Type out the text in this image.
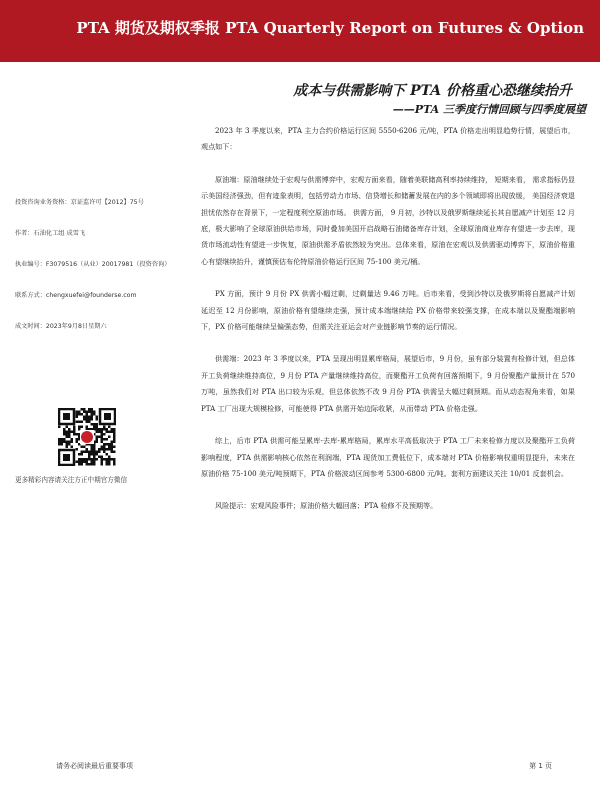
PTA 期货及期权季报 PTA Quarterly Report on Futures & Option
成本与供需影响下 PTA 价格重心恐继续抬升
——PTA 三季度行情回顾与四季度展望
投资咨询业务资格：京证监许可【2012】75号
作者：石油化工组 成雪飞
执业编号：F3079516（从业）20017981（投资咨询）
联系方式：chengxuefei@founderse.com
成文时间：2023年9月8日星期六
更多精彩内容请关注方正中期官方微信

2023 年 3 季度以来，PTA 主力合约价格运行区间 5550-6206 元/吨，PTA 价格走出明显趋势行情，展望后市，观点如下：

原油端：原油继续处于宏观与供需博弈中，宏观方面来看，随着美联储高利率持续维持， 短期来看， 需求指标仍显示美国经济强劲，但有迹象表明，包括劳动力市场、信贷增长和储蓄发展在内的多个领域即将出现放缓， 美国经济衰退担忧依然存在背景下，一定程度利空原油市场。 供需方面， 9 月初，沙特以及俄罗斯继续延长其自愿减产计划至 12 月底，极大影响了全球原油供给市场，同时叠加美国开启战略石油储备库存计划，全球原油商业库存有望进一步去库，现货市场流动性有望进一步恢复，原油供需矛盾依然较为突出。总体来看，原油在宏观以及供需驱动博弈下，原油价格重心有望继续抬升，谨慎预估布伦特原油价格运行区间 75-100 美元/桶。

PX 方面，预计 9 月份 PX 供需小幅过剩，过剩量达 9.46 万吨。后市来看，受到沙特以及俄罗斯将自愿减产计划延迟至 12 月份影响，原油价格有望继续走强，预计成本端继续给 PX 价格带来较强支撑，在成本端以及聚酯端影响下，PX 价格可能继续呈偏强态势，但需关注亚运会对产业链影响节奏的运行情况。

供需端：2023 年 3 季度以来，PTA 呈现出明显累库格局，展望后市，9 月份，虽有部分装置有检修计划，但总体开工负荷继续维持高位，9 月份 PTA 产量继续维持高位，而聚酯开工负荷有回落预期下，9 月份聚酯产量预计在 570 万吨，虽然我们对 PTA 出口较为乐观，但总体依然不改 9 月份 PTA 供需呈大幅过剩预期。而从动态视角来看，如果 PTA 工厂出现大规模检修，可能使得 PTA 供需开始边际收紧，从而带动 PTA 价格走强。

综上，后市 PTA 供需可能呈累库-去库-累库格局，累库水平高低取决于 PTA 工厂未来检修力度以及聚酯开工负荷影响程度，PTA 供需影响核心依然在利润端，PTA 现货加工费低位下，成本端对 PTA 价格影响权重明显提升，未来在原油价格 75-100 美元/吨预期下，PTA 价格波动区间参考 5300-6800 元/吨。套利方面建议关注 10/01 反套机会。

风险提示：宏观风险事件；原油价格大幅回落；PTA 检修不及预期等。

请务必阅读最后重要事项	第 1 页
